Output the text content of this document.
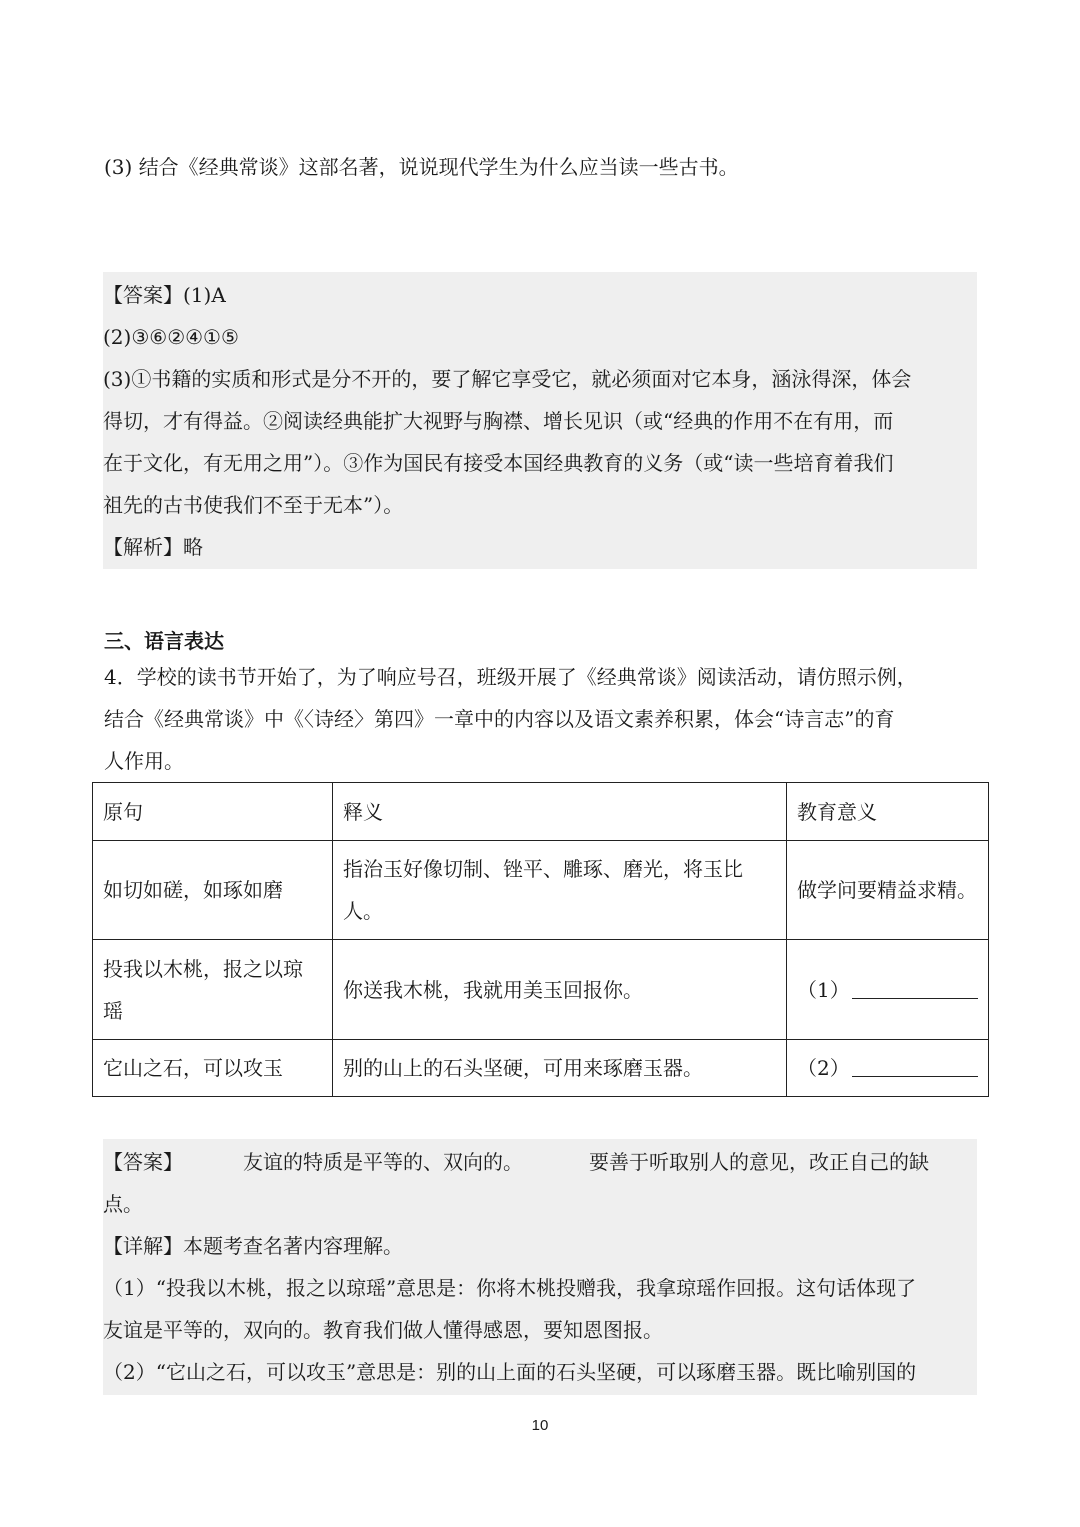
(3) 结合《经典常谈》这部名著，说说现代学生为什么应当读一些古书。
【答案】(1)A
(2)③⑥②④①⑤
(3)①书籍的实质和形式是分不开的，要了解它享受它，就必须面对它本身，涵泳得深，体会
得切，才有得益。②阅读经典能扩大视野与胸襟、增长见识（或“经典的作用不在有用，而
在于文化，有无用之用”）。③作为国民有接受本国经典教育的义务（或“读一些培育着我们
祖先的古书使我们不至于无本”）。
【解析】略
三、语言表达
4．学校的读书节开始了，为了响应号召，班级开展了《经典常谈》阅读活动，请仿照示例，
结合《经典常谈》中《〈诗经〉第四》一章中的内容以及语文素养积累，体会“诗言志”的育
人作用。
原句	释义	教育意义
如切如磋，如琢如磨	指治玉好像切制、锉平、雕琢、磨光，将玉比人。	做学问要精益求精。
投我以木桃，报之以琼瑶	你送我木桃，我就用美玉回报你。	（1）
它山之石，可以攻玉	别的山上的石头坚硬，可用来琢磨玉器。	（2）
【答案】	友谊的特质是平等的、双向的。	要善于听取别人的意见，改正自己的缺
点。
【详解】本题考查名著内容理解。
（1）“投我以木桃，报之以琼瑶”意思是：你将木桃投赠我，我拿琼瑶作回报。这句话体现了
友谊是平等的，双向的。教育我们做人懂得感恩，要知恩图报。
（2）“它山之石，可以攻玉”意思是：别的山上面的石头坚硬，可以琢磨玉器。既比喻别国的
10
